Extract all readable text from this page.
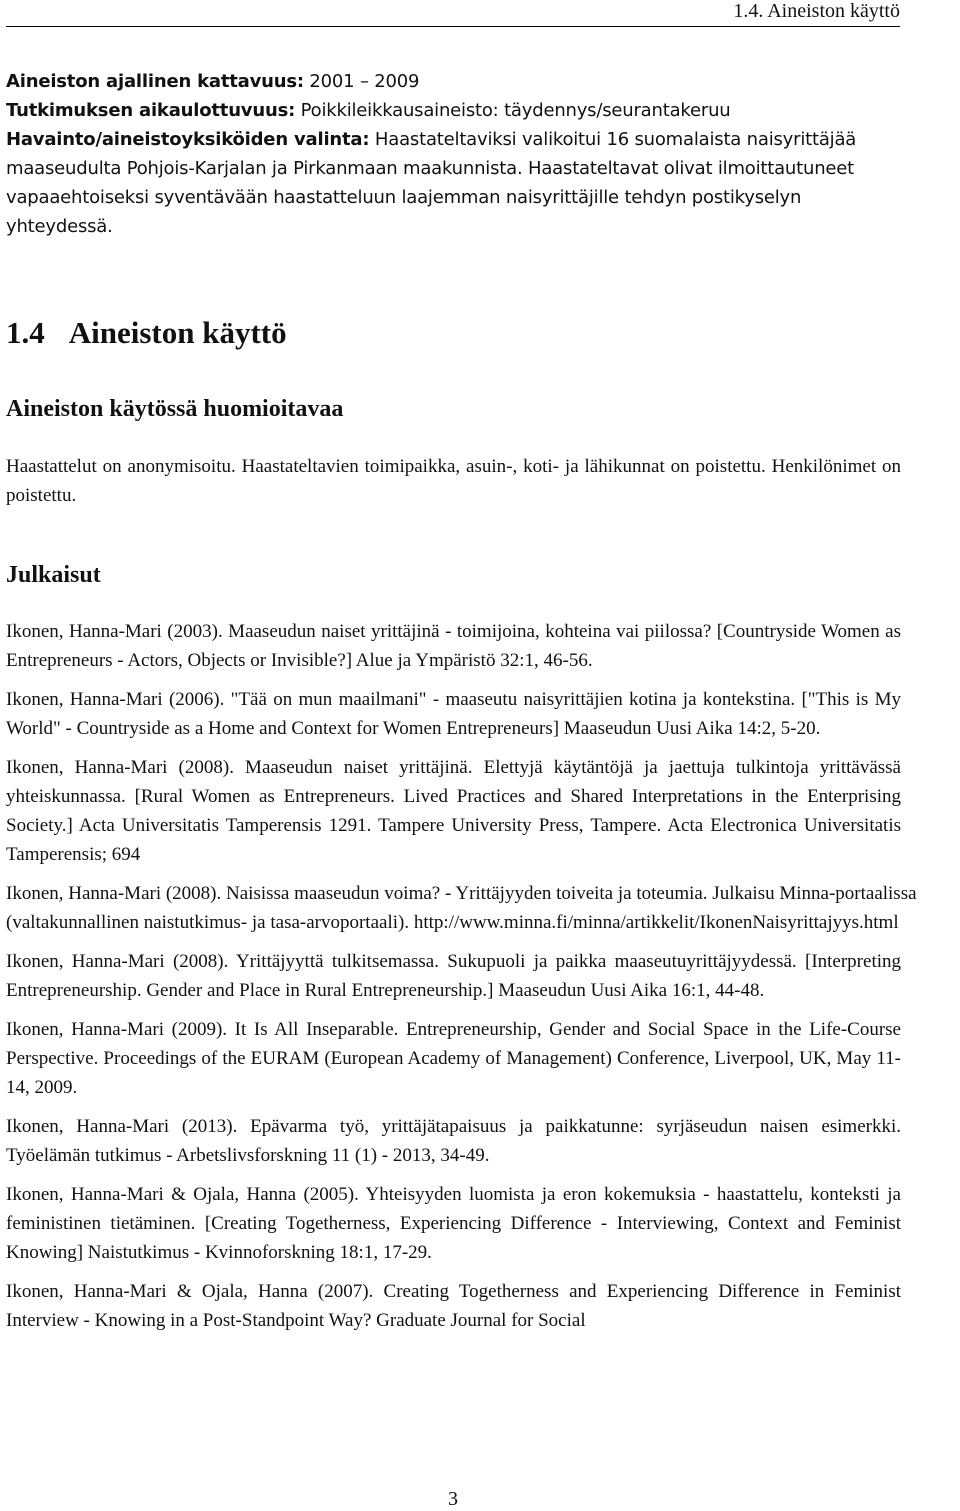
1.4. Aineiston käyttö

Aineiston ajallinen kattavuus: 2001 – 2009

Tutkimuksen aikaulottuvuus: Poikkileikkausaineisto: täydennys/seurantakeruu

Havainto/aineistoyksiköiden valinta: Haastateltaviksi valikoitui 16 suomalaista naisyrittäjää maaseudulta Pohjois-Karjalan ja Pirkanmaan maakunnista. Haastateltavat olivat ilmoittautuneet vapaaehtoiseksi syventävään haastatteluun laajemman naisyrittäjille tehdyn postikyselyn yhteydessä.

1.4 Aineiston käyttö
Aineiston käytössä huomioitavaa

Haastattelut on anonymisoitu. Haastateltavien toimipaikka, asuin-, koti- ja lähikunnat on poistettu. Henkilönimet on poistettu.

Julkaisut

Ikonen, Hanna-Mari (2003). Maaseudun naiset yrittäjinä - toimijoina, kohteina vai piilossa? [Countryside Women as Entrepreneurs - Actors, Objects or Invisible?] Alue ja Ympäristö 32:1, 46-56.

Ikonen, Hanna-Mari (2006). "Tää on mun maailmani" - maaseutu naisyrittäjien kotina ja kontekstina. ["This is My World" - Countryside as a Home and Context for Women Entrepreneurs] Maaseudun Uusi Aika 14:2, 5-20.

Ikonen, Hanna-Mari (2008). Maaseudun naiset yrittäjinä. Elettyjä käytäntöjä ja jaettuja tulkintoja yrittävässä yhteiskunnassa. [Rural Women as Entrepreneurs. Lived Practices and Shared Interpretations in the Enterprising Society.] Acta Universitatis Tamperensis 1291. Tampere University Press, Tampere. Acta Electronica Universitatis Tamperensis; 694

Ikonen, Hanna-Mari (2008). Naisissa maaseudun voima? - Yrittäjyyden toiveita ja toteumia. Julkaisu Minna-portaalissa (valtakunnallinen naistutkimus- ja tasa-arvoportaali). http://www.minna.fi/minna/artikkelit/IkonenNaisyrittajyys.html

Ikonen, Hanna-Mari (2008). Yrittäjyyttä tulkitsemassa. Sukupuoli ja paikka maaseutuyrittäjyydessä. [Interpreting Entrepreneurship. Gender and Place in Rural Entrepreneurship.] Maaseudun Uusi Aika 16:1, 44-48.

Ikonen, Hanna-Mari (2009). It Is All Inseparable. Entrepreneurship, Gender and Social Space in the Life-Course Perspective. Proceedings of the EURAM (European Academy of Management) Conference, Liverpool, UK, May 11-14, 2009.

Ikonen, Hanna-Mari (2013). Epävarma työ, yrittäjätapaisuus ja paikkatunne: syrjäseudun naisen esimerkki. Työelämän tutkimus - Arbetslivsforskning 11 (1) - 2013, 34-49.

Ikonen, Hanna-Mari & Ojala, Hanna (2005). Yhteisyyden luomista ja eron kokemuksia - haastattelu, konteksti ja feministinen tietäminen. [Creating Togetherness, Experiencing Difference - Interviewing, Context and Feminist Knowing] Naistutkimus - Kvinnoforskning 18:1, 17-29.

Ikonen, Hanna-Mari & Ojala, Hanna (2007). Creating Togetherness and Experiencing Difference in Feminist Interview - Knowing in a Post-Standpoint Way? Graduate Journal for Social

3
